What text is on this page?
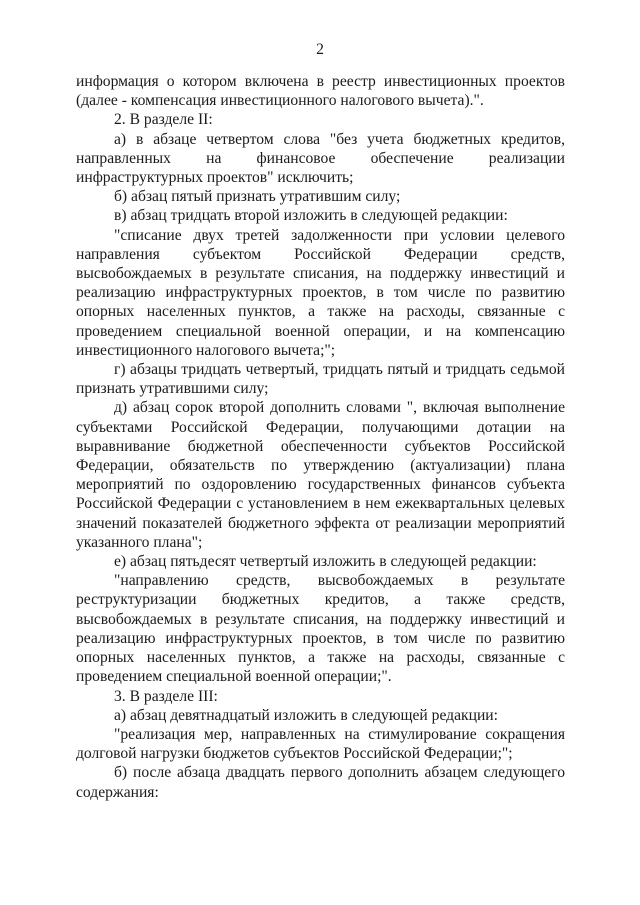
2

информация о котором включена в реестр инвестиционных проектов (далее - компенсация инвестиционного налогового вычета).".

2. В разделе II:

а) в абзаце четвертом слова "без учета бюджетных кредитов, направленных на финансовое обеспечение реализации инфраструктурных проектов" исключить;

б) абзац пятый признать утратившим силу;

в) абзац тридцать второй изложить в следующей редакции:

"списание двух третей задолженности при условии целевого направления субъектом Российской Федерации средств, высвобождаемых в результате списания, на поддержку инвестиций и реализацию инфраструктурных проектов, в том числе по развитию опорных населенных пунктов, а также на расходы, связанные с проведением специальной военной операции, и на компенсацию инвестиционного налогового вычета;";

г) абзацы тридцать четвертый, тридцать пятый и тридцать седьмой признать утратившими силу;

д) абзац сорок второй дополнить словами ", включая выполнение субъектами Российской Федерации, получающими дотации на выравнивание бюджетной обеспеченности субъектов Российской Федерации, обязательств по утверждению (актуализации) плана мероприятий по оздоровлению государственных финансов субъекта Российской Федерации с установлением в нем ежеквартальных целевых значений показателей бюджетного эффекта от реализации мероприятий указанного плана";

е) абзац пятьдесят четвертый изложить в следующей редакции:

"направлению средств, высвобождаемых в результате реструктуризации бюджетных кредитов, а также средств, высвобождаемых в результате списания, на поддержку инвестиций и реализацию инфраструктурных проектов, в том числе по развитию опорных населенных пунктов, а также на расходы, связанные с проведением специальной военной операции;".

3. В разделе III:

а) абзац девятнадцатый изложить в следующей редакции:

"реализация мер, направленных на стимулирование сокращения долговой нагрузки бюджетов субъектов Российской Федерации;";

б) после абзаца двадцать первого дополнить абзацем следующего содержания:
